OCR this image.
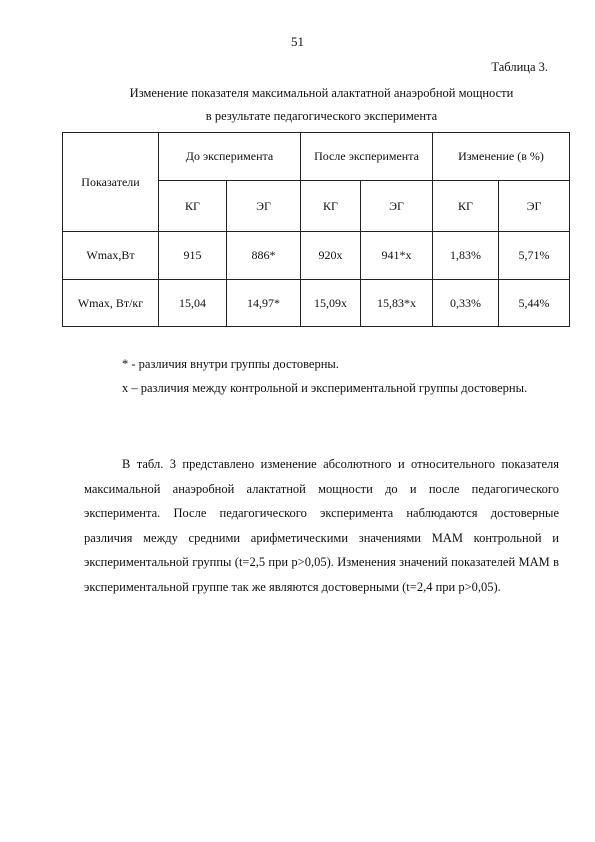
51
Таблица 3.
Изменение показателя максимальной алактатной анаэробной мощности
в результате педагогического эксперимента
Показатели	До эксперимента		После эксперимента		Изменение (в %)	
	КГ	ЭГ	КГ	ЭГ	КГ	ЭГ
Wmax,Вт	915	886*	920x	941*x	1,83%	5,71%
Wmax, Вт/кг	15,04	14,97*	15,09x	15,83*x	0,33%	5,44%

* - различия внутри группы достоверны.

x – различия между контрольной и экспериментальной группы достоверны.

В табл. 3 представлено изменение абсолютного и относительного показателя максимальной анаэробной алактатной мощности до и после педагогического эксперимента. После педагогического эксперимента наблюдаются достоверные различия между средними арифметическими значениями МАМ контрольной и экспериментальной группы (t=2,5 при p>0,05). Изменения значений показателей МАМ в экспериментальной группе так же являются достоверными (t=2,4 при p>0,05).
